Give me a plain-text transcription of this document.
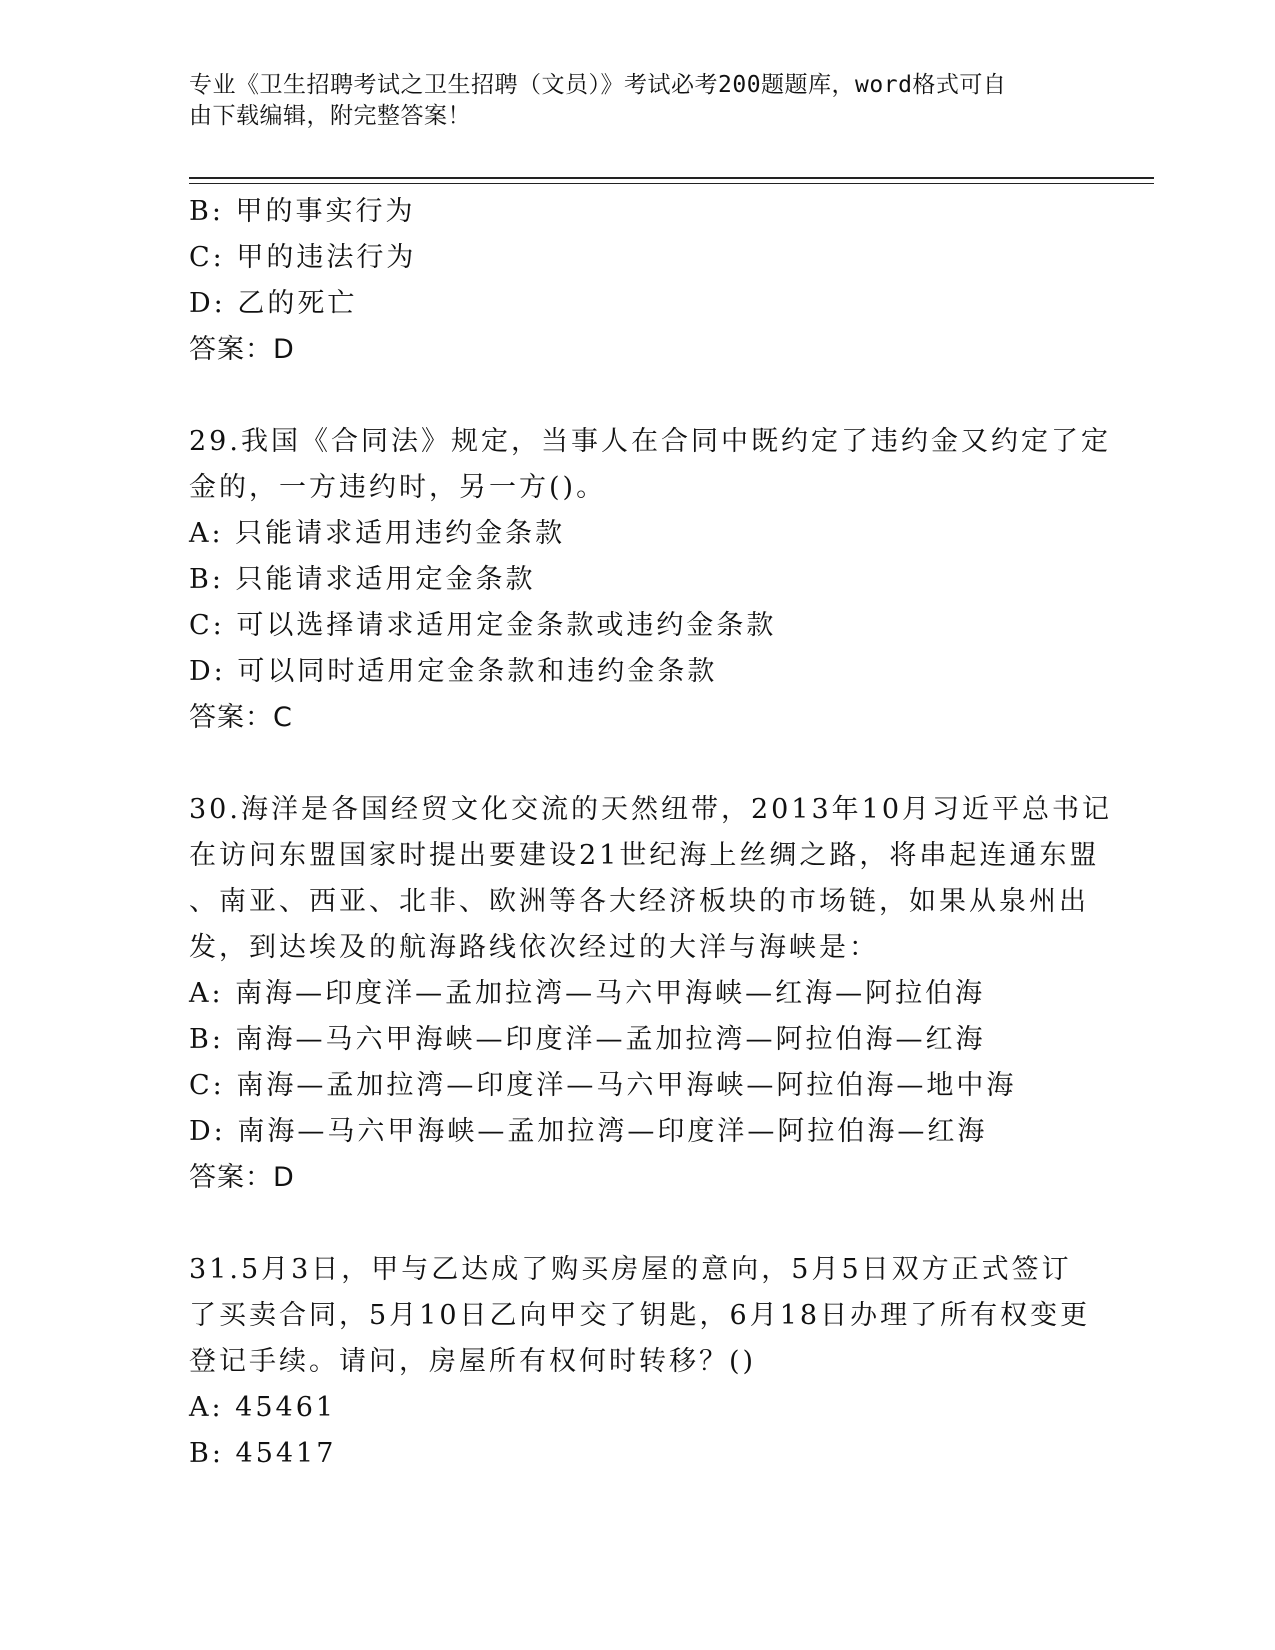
专业《卫生招聘考试之卫生招聘（文员）》考试必考200题题库，word格式可自
由下载编辑，附完整答案！

B: 甲的事实行为

C: 甲的违法行为

D: 乙的死亡

答案：D

29.我国《合同法》规定，当事人在合同中既约定了违约金又约定了定

金的，一方违约时，另一方()。

A: 只能请求适用违约金条款

B: 只能请求适用定金条款

C: 可以选择请求适用定金条款或违约金条款

D: 可以同时适用定金条款和违约金条款

答案：C

30.海洋是各国经贸文化交流的天然纽带，2013年10月习近平总书记

在访问东盟国家时提出要建设21世纪海上丝绸之路，将串起连通东盟

、南亚、西亚、北非、欧洲等各大经济板块的市场链，如果从泉州出

发，到达埃及的航海路线依次经过的大洋与海峡是：

A: 南海—印度洋—孟加拉湾—马六甲海峡—红海—阿拉伯海

B: 南海—马六甲海峡—印度洋—孟加拉湾—阿拉伯海—红海

C: 南海—孟加拉湾—印度洋—马六甲海峡—阿拉伯海—地中海

D: 南海—马六甲海峡—孟加拉湾—印度洋—阿拉伯海—红海

答案：D

31.5月3日，甲与乙达成了购买房屋的意向，5月5日双方正式签订

了买卖合同，5月10日乙向甲交了钥匙，6月18日办理了所有权变更

登记手续。请问，房屋所有权何时转移？()

A: 45461

B: 45417
